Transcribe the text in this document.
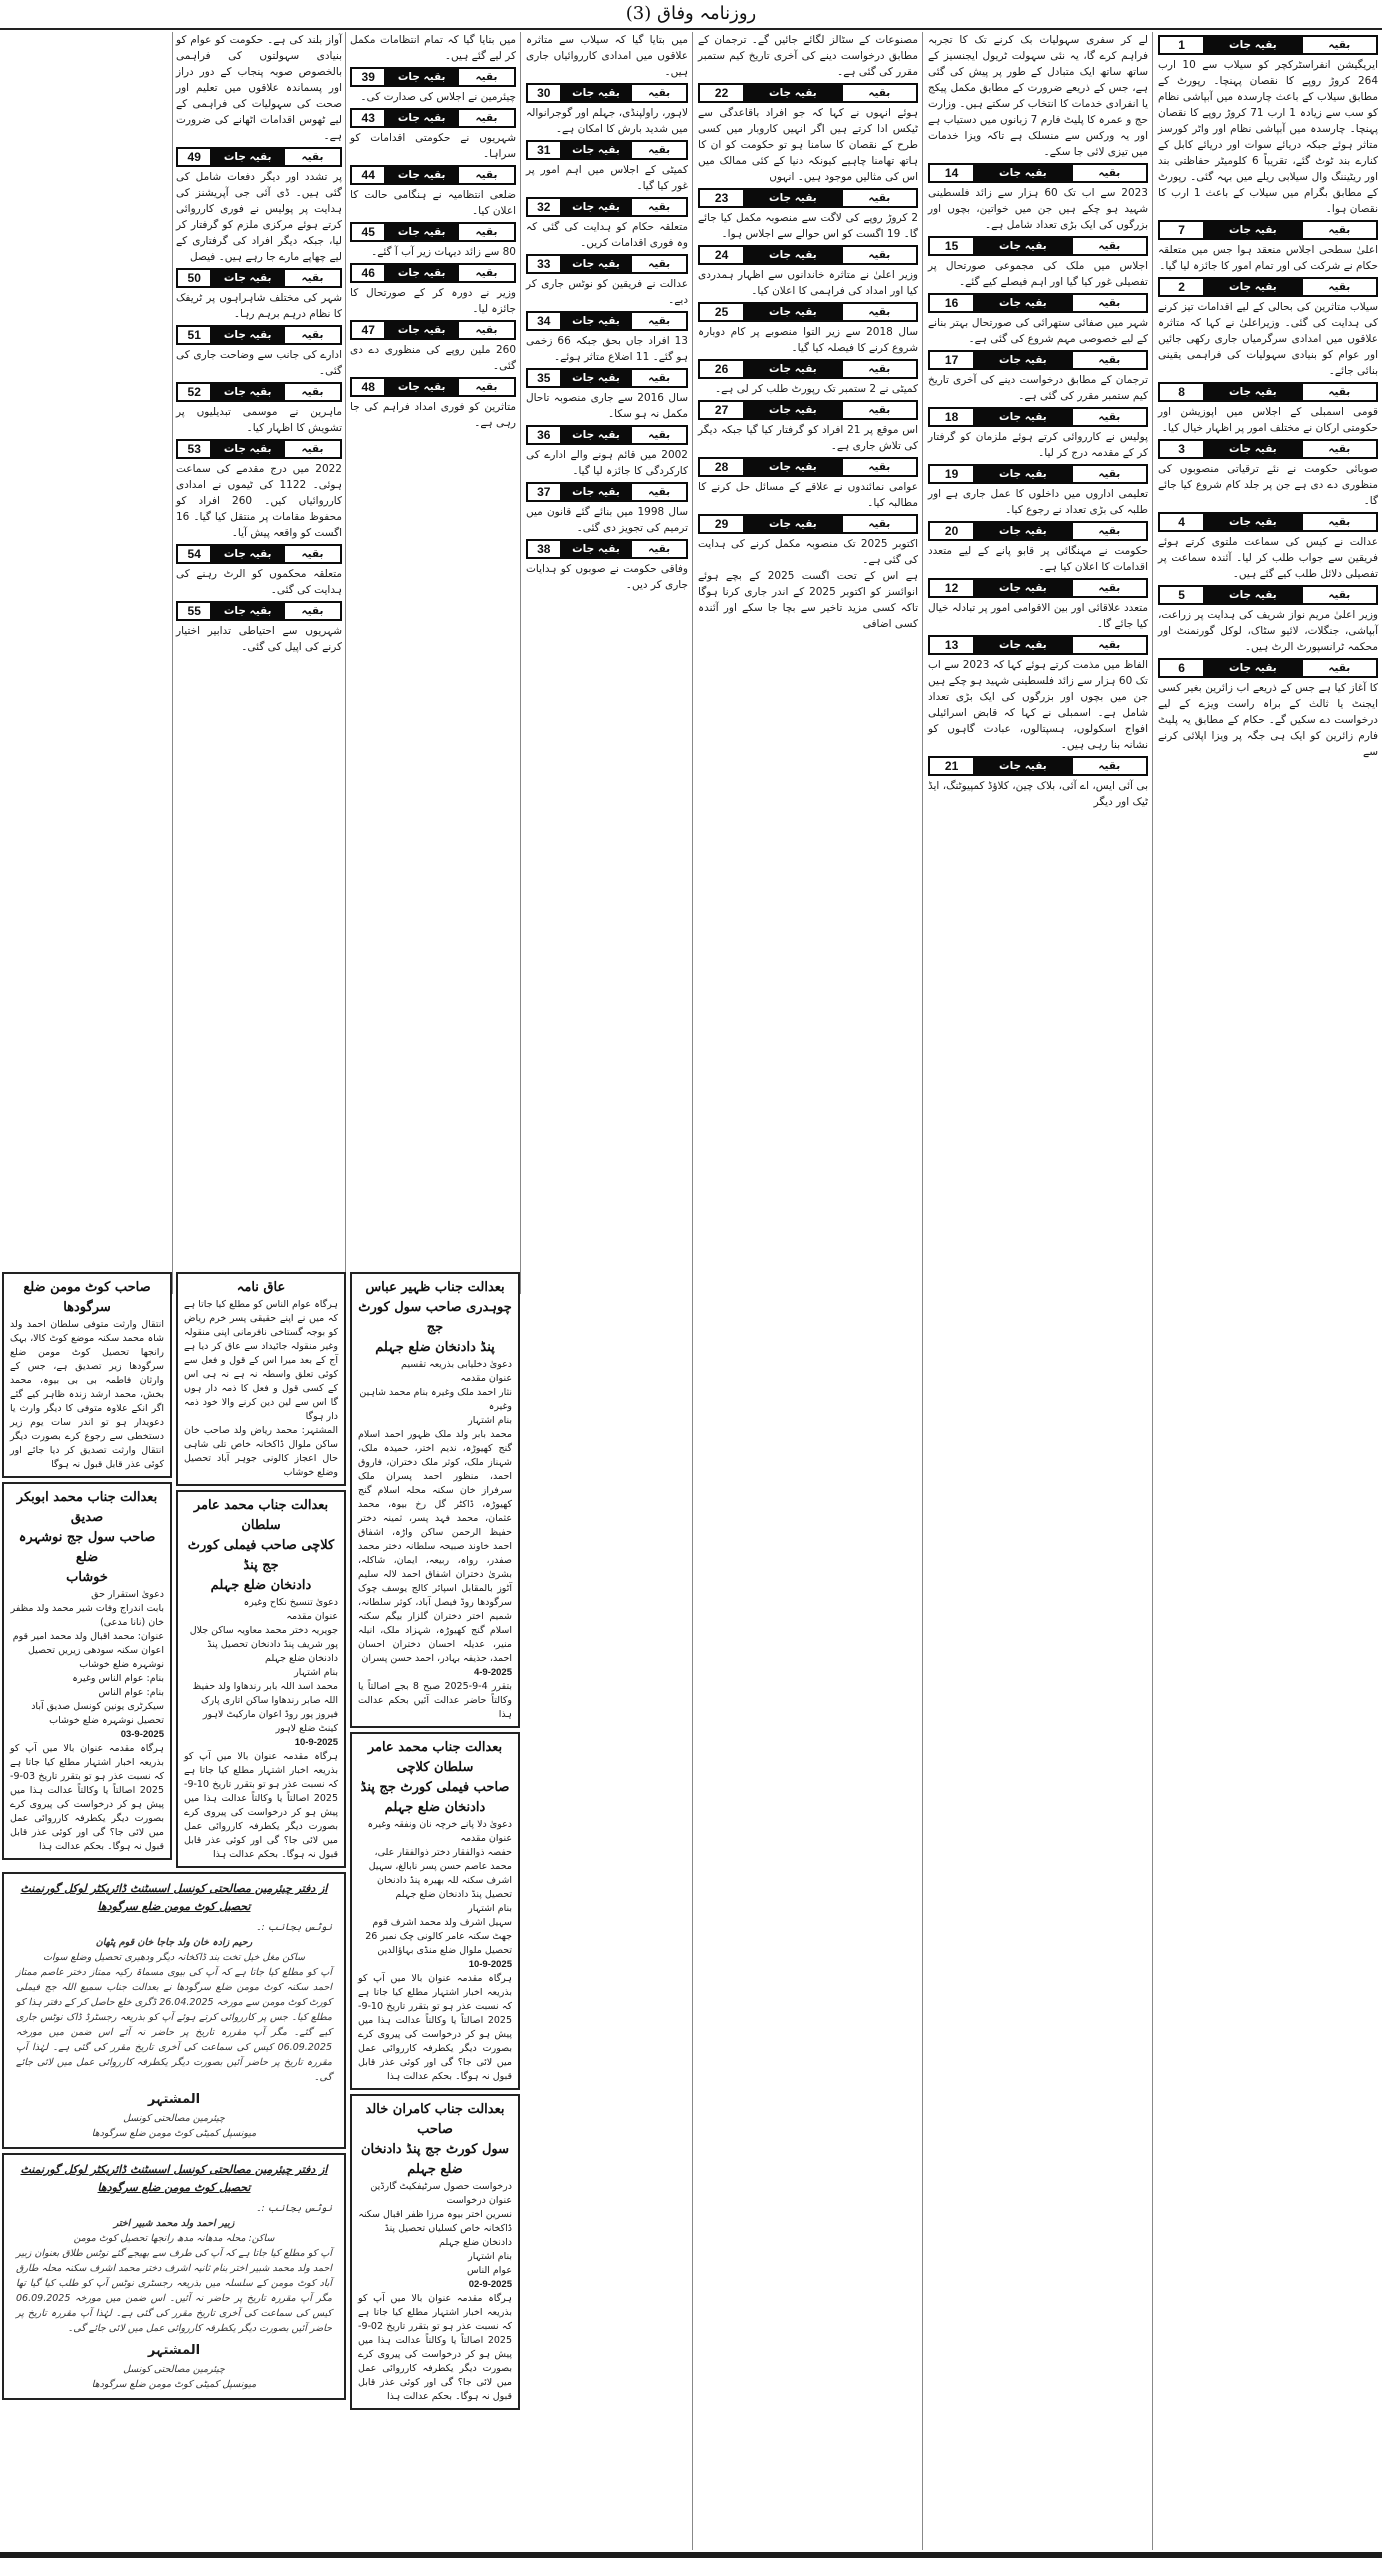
روزنامہ وفاق (3)
بقیہ
بقیہ جات
1

ایریگیشن انفراسٹرکچر کو سیلاب سے 10 ارب 264 کروڑ روپے کا نقصان پہنچا۔ رپورٹ کے مطابق سیلاب کے باعث چارسدہ میں آبپاشی نظام کو سب سے زیادہ 1 ارب 71 کروڑ روپے کا نقصان پہنچا۔ چارسدہ میں آبپاشی نظام اور واٹر کورسز متاثر ہوئے جبکہ دریائے سوات اور دریائے کابل کے کنارے بند ٹوٹ گئے، تقریباً 6 کلومیٹر حفاظتی بند اور ریٹیننگ وال سیلابی ریلے میں بہہ گئی۔ رپورٹ کے مطابق بگرام میں سیلاب کے باعث 1 ارب کا نقصان ہوا۔

بقیہ
بقیہ جات
7

اعلیٰ سطحی اجلاس منعقد ہوا جس میں متعلقہ حکام نے شرکت کی اور تمام امور کا جائزہ لیا گیا۔

بقیہ
بقیہ جات
2

سیلاب متاثرین کی بحالی کے لیے اقدامات تیز کرنے کی ہدایت کی گئی۔ وزیراعلیٰ نے کہا کہ متاثرہ علاقوں میں امدادی سرگرمیاں جاری رکھی جائیں اور عوام کو بنیادی سہولیات کی فراہمی یقینی بنائی جائے۔

بقیہ
بقیہ جات
8

قومی اسمبلی کے اجلاس میں اپوزیشن اور حکومتی ارکان نے مختلف امور پر اظہار خیال کیا۔

بقیہ
بقیہ جات
3

صوبائی حکومت نے نئے ترقیاتی منصوبوں کی منظوری دے دی ہے جن پر جلد کام شروع کیا جائے گا۔

بقیہ
بقیہ جات
4

عدالت نے کیس کی سماعت ملتوی کرتے ہوئے فریقین سے جواب طلب کر لیا۔ آئندہ سماعت پر تفصیلی دلائل طلب کیے گئے ہیں۔

بقیہ
بقیہ جات
5

وزیر اعلیٰ مریم نواز شریف کی ہدایت پر زراعت، آبپاشی، جنگلات، لائیو سٹاک، لوکل گورنمنٹ اور محکمہ ٹرانسپورٹ الرٹ ہیں۔

بقیہ
بقیہ جات
6

کا آغاز کیا ہے جس کے ذریعے اب زائرین بغیر کسی ایجنٹ یا ثالث کے براہ راست ویزے کے لیے درخواست دے سکیں گے۔ حکام کے مطابق یہ پلیٹ فارم زائرین کو ایک ہی جگہ پر ویزا اپلائی کرنے سے

لے کر سفری سہولیات بک کرنے تک کا تجربہ فراہم کرے گا، یہ نئی سہولت ٹریول ایجنسیز کے ساتھ ساتھ ایک متبادل کے طور پر پیش کی گئی ہے، جس کے ذریعے ضرورت کے مطابق مکمل پیکج یا انفرادی خدمات کا انتخاب کر سکتے ہیں۔ وزارت حج و عمرہ کا پلیٹ فارم 7 زبانوں میں دستیاب ہے اور یہ ورکس سے منسلک ہے تاکہ ویزا خدمات میں تیزی لائی جا سکے۔

بقیہ
بقیہ جات
14

2023 سے اب تک 60 ہزار سے زائد فلسطینی شہید ہو چکے ہیں جن میں خواتین، بچوں اور بزرگوں کی ایک بڑی تعداد شامل ہے۔

بقیہ
بقیہ جات
15

اجلاس میں ملک کی مجموعی صورتحال پر تفصیلی غور کیا گیا اور اہم فیصلے کیے گئے۔

بقیہ
بقیہ جات
16

شہر میں صفائی ستھرائی کی صورتحال بہتر بنانے کے لیے خصوصی مہم شروع کی گئی ہے۔

بقیہ
بقیہ جات
17

ترجمان کے مطابق درخواست دینے کی آخری تاریخ کیم ستمبر مقرر کی گئی ہے۔

بقیہ
بقیہ جات
18

پولیس نے کارروائی کرتے ہوئے ملزمان کو گرفتار کر کے مقدمہ درج کر لیا۔

بقیہ
بقیہ جات
19

تعلیمی اداروں میں داخلوں کا عمل جاری ہے اور طلبہ کی بڑی تعداد نے رجوع کیا۔

بقیہ
بقیہ جات
20

حکومت نے مہنگائی پر قابو پانے کے لیے متعدد اقدامات کا اعلان کیا ہے۔

بقیہ
بقیہ جات
12

متعدد علاقائی اور بین الاقوامی امور پر تبادلہ خیال کیا جائے گا۔

بقیہ
بقیہ جات
13

الفاظ میں مذمت کرتے ہوئے کہا کہ 2023 سے اب تک 60 ہزار سے زائد فلسطینی شہید ہو چکے ہیں جن میں بچوں اور بزرگوں کی ایک بڑی تعداد شامل ہے۔ اسمبلی نے کہا کہ قابض اسرائیلی افواج اسکولوں، ہسپتالوں، عبادت گاہوں کو نشانہ بنا رہی ہیں۔

بقیہ
بقیہ جات
21

بی آئی ایس، اے آئی، بلاک چین، کلاؤڈ کمپیوٹنگ، ایڈ ٹیک اور دیگر

مصنوعات کے سٹالز لگائے جائیں گے۔ ترجمان کے مطابق درخواست دینے کی آخری تاریخ کیم ستمبر مقرر کی گئی ہے۔

بقیہ
بقیہ جات
22

ہوئے انہوں نے کہا کہ جو افراد باقاعدگی سے ٹیکس ادا کرتے ہیں اگر انہیں کاروبار میں کسی طرح کے نقصان کا سامنا ہو تو حکومت کو ان کا ہاتھ تھامنا چاہیے کیونکہ دنیا کے کئی ممالک میں اس کی مثالیں موجود ہیں۔ انہوں

بقیہ
بقیہ جات
23

2 کروڑ روپے کی لاگت سے منصوبہ مکمل کیا جائے گا۔ 19 اگست کو اس حوالے سے اجلاس ہوا۔

بقیہ
بقیہ جات
24

وزیر اعلیٰ نے متاثرہ خاندانوں سے اظہار ہمدردی کیا اور امداد کی فراہمی کا اعلان کیا۔

بقیہ
بقیہ جات
25

سال 2018 سے زیر التوا منصوبے پر کام دوبارہ شروع کرنے کا فیصلہ کیا گیا۔

بقیہ
بقیہ جات
26

کمیٹی نے 2 ستمبر تک رپورٹ طلب کر لی ہے۔

بقیہ
بقیہ جات
27

اس موقع پر 21 افراد کو گرفتار کیا گیا جبکہ دیگر کی تلاش جاری ہے۔

بقیہ
بقیہ جات
28

عوامی نمائندوں نے علاقے کے مسائل حل کرنے کا مطالبہ کیا۔

بقیہ
بقیہ جات
29

اکتوبر 2025 تک منصوبہ مکمل کرنے کی ہدایت کی گئی ہے۔

ہے اس کے تحت اگست 2025 کے بچے ہوئے انوائسز کو اکتوبر 2025 کے اندر جاری کرنا ہوگا تاکہ کسی مزید تاخیر سے بچا جا سکے اور آئندہ کسی اضافی

میں بتایا گیا کہ سیلاب سے متاثرہ علاقوں میں امدادی کارروائیاں جاری ہیں۔

بقیہ
بقیہ جات
30

لاہور، راولپنڈی، جہلم اور گوجرانوالہ میں شدید بارش کا امکان ہے۔

بقیہ
بقیہ جات
31

کمیٹی کے اجلاس میں اہم امور پر غور کیا گیا۔

بقیہ
بقیہ جات
32

متعلقہ حکام کو ہدایت کی گئی کہ وہ فوری اقدامات کریں۔

بقیہ
بقیہ جات
33

عدالت نے فریقین کو نوٹس جاری کر دیے۔

بقیہ
بقیہ جات
34

13 افراد جاں بحق جبکہ 66 زخمی ہو گئے۔ 11 اضلاع متاثر ہوئے۔

بقیہ
بقیہ جات
35

سال 2016 سے جاری منصوبہ تاحال مکمل نہ ہو سکا۔

بقیہ
بقیہ جات
36

2002 میں قائم ہونے والے ادارے کی کارکردگی کا جائزہ لیا گیا۔

بقیہ
بقیہ جات
37

سال 1998 میں بنائے گئے قانون میں ترمیم کی تجویز دی گئی۔

بقیہ
بقیہ جات
38

وفاقی حکومت نے صوبوں کو ہدایات جاری کر دیں۔

میں بتایا گیا کہ تمام انتظامات مکمل کر لیے گئے ہیں۔

بقیہ
بقیہ جات
39

چیئرمین نے اجلاس کی صدارت کی۔

بقیہ
بقیہ جات
43

شہریوں نے حکومتی اقدامات کو سراہا۔

بقیہ
بقیہ جات
44

ضلعی انتظامیہ نے ہنگامی حالت کا اعلان کیا۔

بقیہ
بقیہ جات
45

80 سے زائد دیہات زیر آب آ گئے۔

بقیہ
بقیہ جات
46

وزیر نے دورہ کر کے صورتحال کا جائزہ لیا۔

بقیہ
بقیہ جات
47

260 ملین روپے کی منظوری دے دی گئی۔

بقیہ
بقیہ جات
48

متاثرین کو فوری امداد فراہم کی جا رہی ہے۔

آواز بلند کی ہے۔ حکومت کو عوام کو بنیادی سہولتوں کی فراہمی بالخصوص صوبہ پنجاب کے دور دراز اور پسماندہ علاقوں میں تعلیم اور صحت کی سہولیات کی فراہمی کے لیے ٹھوس اقدامات اٹھانے کی ضرورت ہے۔

بقیہ
بقیہ جات
49

پر تشدد اور دیگر دفعات شامل کی گئی ہیں۔ ڈی آئی جی آپریشنز کی ہدایت پر پولیس نے فوری کارروائی کرتے ہوئے مرکزی ملزم کو گرفتار کر لیا، جبکہ دیگر افراد کی گرفتاری کے لیے چھاپے مارے جا رہے ہیں۔ فیصل

بقیہ
بقیہ جات
50

شہر کی مختلف شاہراہوں پر ٹریفک کا نظام درہم برہم رہا۔

بقیہ
بقیہ جات
51

ادارے کی جانب سے وضاحت جاری کی گئی۔

بقیہ
بقیہ جات
52

ماہرین نے موسمی تبدیلیوں پر تشویش کا اظہار کیا۔

بقیہ
بقیہ جات
53

2022 میں درج مقدمے کی سماعت ہوئی۔ 1122 کی ٹیموں نے امدادی کارروائیاں کیں۔ 260 افراد کو محفوظ مقامات پر منتقل کیا گیا۔ 16 اگست کو واقعہ پیش آیا۔

بقیہ
بقیہ جات
54

متعلقہ محکموں کو الرٹ رہنے کی ہدایت کی گئی۔

بقیہ
بقیہ جات
55

شہریوں سے احتیاطی تدابیر اختیار کرنے کی اپیل کی گئی۔

صاحب کوٹ مومن ضلع سرگودھا
انتقال وارثت متوفی سلطان احمد ولد شاہ محمد سکنہ موضع کوٹ کالا، بہک رانجھا تحصیل کوٹ مومن ضلع سرگودھا زیر تصدیق ہے، جس کے وارثان فاطمہ بی بی بیوہ، محمد بخش، محمد ارشد زندہ ظاہر کیے گئے اگر انکے علاوہ متوفی کا دیگر وارث یا دعویدار ہو تو اندر سات یوم زیر دستخطی سے رجوع کرے بصورت دیگر انتقال وارثت تصدیق کر دیا جائے اور کوئی عذر قابل قبول نہ ہوگا
عاق نامہ
ہرگاہ عوام الناس کو مطلع کیا جاتا ہے کہ میں نے اپنے حقیقی پسر خرم ریاض کو بوجہ گستاخی نافرمانی اپنی منقولہ وغیر منقولہ جائیداد سے عاق کر دیا ہے آج کے بعد میرا اس کے قول و فعل سے کوئی تعلق واسطہ نہ ہے نہ ہی اس کے کسی قول و فعل کا ذمہ دار ہوں گا اس سے لین دین کرنے والا خود ذمہ دار ہوگا
المشتہر: محمد ریاض ولد صاحب خان ساکن ملوال ڈاکخانہ خاص تلی شاہی حال اعجاز کالونی جوہر آباد تحصیل وضلع خوشاب
بعدالت جناب محمد ابوبکر صدیق
صاحب سول جج نوشہرہ ضلع
خوشاب
دعویٰ استقرار حق
بابت اندراج وفات شیر محمد ولد مظفر خان (نانا مدعی)
عنوان: محمد اقبال ولد محمد امیر قوم اعوان سکنہ سودھی زیریں تحصیل نوشہرہ ضلع خوشاب
بنام: عوام الناس وغیرہ
بنام: عوام الناس
سیکرٹری یونین کونسل صدیق آباد تحصیل نوشہرہ ضلع خوشاب
03-9-2025
ہرگاہ مقدمہ عنوان بالا میں آپ کو بذریعہ اخبار اشتہار مطلع کیا جاتا ہے کہ نسبت عذر ہو تو بتقرر تاریخ 03-9-2025 اصالتاً یا وکالتاً عدالت ہذا میں پیش ہو کر درخواست کی پیروی کرے بصورت دیگر یکطرفہ کارروائی عمل میں لائی جا؟ گی اور کوئی عذر قابل قبول نہ ہوگا۔ بحکم عدالت ہذا
بعدالت جناب محمد عامر سلطان
کلاچی صاحب فیملی کورٹ جج پنڈ
دادنخان ضلع جہلم
دعویٰ تنسیخ نکاح وغیرہ
عنوان مقدمہ
جویریہ دختر محمد معاویہ ساکن جلال پور شریف پنڈ دادنخان تحصیل پنڈ دادنخان ضلع جہلم
بنام اشتہار
محمد اسد اللہ بابر رندھاوا ولد حفیظ اللہ صابر رندھاوا ساکن اتاری پارک فیروز پور روڈ اعوان مارکیٹ لاہور کینٹ ضلع لاہور
10-9-2025
ہرگاہ مقدمہ عنوان بالا میں آپ کو بذریعہ اخبار اشتہار مطلع کیا جاتا ہے کہ نسبت عذر ہو تو بتقرر تاریخ 10-9-2025 اصالتاً یا وکالتاً عدالت ہذا میں پیش ہو کر درخواست کی پیروی کرے بصورت دیگر یکطرفہ کارروائی عمل میں لائی جا؟ گی اور کوئی عذر قابل قبول نہ ہوگا۔ بحکم عدالت ہذا
بعدالت جناب ظہیر عباس
چوہدری صاحب سول کورٹ جج
پنڈ دادنخان ضلع جہلم
دعویٰ دخلیابی بذریعہ تقسیم
عنوان مقدمہ
نثار احمد ملک وغیرہ بنام محمد شاہین وغیرہ
بنام اشتہار
محمد بابر ولد ملک ظہور احمد اسلام گنج کھیوڑہ، ندیم اختر، حمیدہ ملک، شہناز ملک، کوثر ملک دختران، فاروق احمد، منظور احمد پسران ملک سرفراز خان سکنہ محلہ اسلام گنج کھیوڑہ، ڈاکٹر گل رخ بیوہ، محمد عثمان، محمد فہد پسر، ثمینہ دختر حفیظ الرحمن ساکن واڑہ، اشفاق احمد خاوند صبیحہ سلطانہ دختر محمد صفدر، رواہ، ربیعہ، ایمان، شاکلہ، بشریٰ دختران اشفاق احمد لالہ سلیم آٹوز بالمقابل اسپائر کالج یوسف چوک سرگودھا روڈ فیصل آباد، کوثر سلطانہ، شمیم اختر دختران گلزار بیگم سکنہ اسلام گنج کھیوڑہ، شہزاد ملک، انیلہ منیر، عدیلہ احسان دختران احسان احمد، حذیفہ بہادر، احمد حسن پسران
4-9-2025
بتقرر 4-9-2025 صبح 8 بجے اصالتاً یا وکالتاً حاضر عدالت آئیں بحکم عدالت ہذا
بعدالت جناب محمد عامر سلطان کلاچی
صاحب فیملی کورٹ جج پنڈ دادنخان ضلع جہلم
دعویٰ دلا پانے خرچہ نان ونفقہ وغیرہ
عنوان مقدمہ
حفصہ ذوالفقار دختر ذوالفقار علی، محمد عاصم حسن پسر نابالغ، سہیل اشرف سکنہ للہ بھیرہ پنڈ دادنخان تحصیل پنڈ دادنخان ضلع جہلم
بنام اشتہار
سہیل اشرف ولد محمد اشرف قوم جھٹ سکنہ عامر کالونی چک نمبر 26 تحصیل ملوال ضلع منڈی بہاؤالدین
10-9-2025
ہرگاہ مقدمہ عنوان بالا میں آپ کو بذریعہ اخبار اشتہار مطلع کیا جاتا ہے کہ نسبت عذر ہو تو بتقرر تاریخ 10-9-2025 اصالتاً یا وکالتاً عدالت ہذا میں پیش ہو کر درخواست کی پیروی کرے بصورت دیگر یکطرفہ کارروائی عمل میں لائی جا؟ گی اور کوئی عذر قابل قبول نہ ہوگا۔ بحکم عدالت ہذا
بعدالت جناب کامران خالد صاحب
سول کورٹ جج پنڈ دادنخان ضلع جہلم
درخواست حصول سرٹیفکیٹ گارڈین
عنوان درخواست
نسرین اختر بیوہ مرزا ظفر اقبال سکنہ ڈاکخانہ خاص کسلیاں تحصیل پنڈ دادنخان ضلع جہلم
بنام اشتہار
عوام الناس
02-9-2025
ہرگاہ مقدمہ عنوان بالا میں آپ کو بذریعہ اخبار اشتہار مطلع کیا جاتا ہے کہ نسبت عذر ہو تو بتقرر تاریخ 02-9-2025 اصالتاً یا وکالتاً عدالت ہذا میں پیش ہو کر درخواست کی پیروی کرے بصورت دیگر یکطرفہ کارروائی عمل میں لائی جا؟ گی اور کوئی عذر قابل قبول نہ ہوگا۔ بحکم عدالت ہذا
از دفتر چیئرمین مصالحتی کونسل اسسٹنٹ ڈائریکٹر لوکل گورنمنٹ تحصیل کوٹ مومن ضلع سرگودھا
نوٹس بجانب :۔
رحیم زادہ خان ولد جاجا خان قوم پٹھان
ساکن مغل خیل تخت بند ڈاکخانہ دیگر ودھیری تحصیل وضلع سوات
آپ کو مطلع کیا جاتا ہے کہ آپ کی بیوی مسماۃ رکیہ ممتاز دختر عاصم ممتاز احمد سکنہ کوٹ مومن ضلع سرگودھا نے بعدالت جناب سمیع اللہ جج فیملی کورٹ کوٹ مومن سے مورخہ 26.04.2025 ڈگری خلع حاصل کر کے دفتر ہذا کو مطلع کیا۔ جس پر کارروائی کرتے ہوئے آپ کو بذریعہ رجسٹرڈ ڈاک نوٹس جاری کیے گئے۔ مگر آپ مقررہ تاریخ پر حاضر نہ آئے اس ضمن میں مورخہ 06.09.2025 کیس کی سماعت کی آخری تاریخ مقرر کی گئی ہے۔ لہٰذا آپ مقررہ تاریخ پر حاضر آئیں بصورت دیگر یکطرفہ کارروائی عمل میں لائی جائے گی۔
المشتہر
چیئرمین مصالحتی کونسل
میونسپل کمیٹی کوٹ مومن ضلع سرگودھا
از دفتر چیئرمین مصالحتی کونسل اسسٹنٹ ڈائریکٹر لوکل گورنمنٹ تحصیل کوٹ مومن ضلع سرگودھا
نوٹس بجانب :۔
زبیر احمد ولد محمد شبیر اختر
ساکن: محلہ مدھانہ مدھ رانجھا تحصیل کوٹ مومن
آپ کو مطلع کیا جاتا ہے کہ آپ کی طرف سے بھیجے گئے نوٹس طلاق بعنوان زبیر احمد ولد محمد شبیر اختر بنام ثانیہ اشرف دختر محمد اشرف سکنہ محلہ طارق آباد کوٹ مومن کے سلسلہ میں بذریعہ رجسٹری نوٹس آپ کو طلب کیا گیا تھا مگر آپ مقررہ تاریخ پر حاضر نہ آئیں۔ اس ضمن میں مورخہ 06.09.2025 کیس کی سماعت کی آخری تاریخ مقرر کی گئی ہے۔ لہٰذا آپ مقررہ تاریخ پر حاضر آئیں بصورت دیگر یکطرفہ کارروائی عمل میں لائی جائے گی۔
المشتہر
چیئرمین مصالحتی کونسل
میونسپل کمیٹی کوٹ مومن ضلع سرگودھا
